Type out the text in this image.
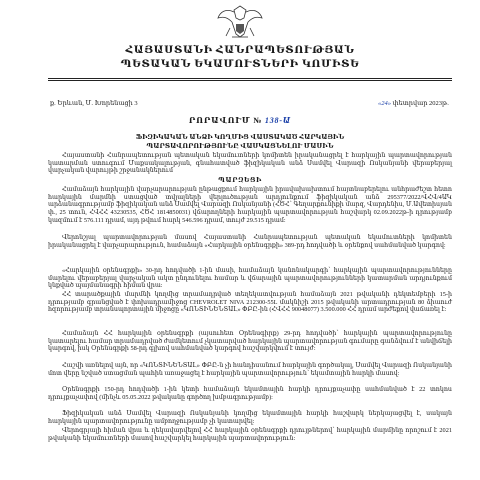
ՀԱՅԱՍՏԱՆԻ ՀԱՆՐԱՊԵՏՈՒԹՅԱՆ
ՊԵՏԱԿԱՆ ԵԿԱՄՈՒՏՆԵՐԻ ԿՈՄԻՏԵ
ք. Երևան, Մ. Խորենացի 3	«24» փետրվար 2023թ.
ՐՈՐԱՎՈՒՄ № 138-Ա
ՖԻԶԻԿԱԿԱՆ ԱՆՁԻ ԿՈՂՄԻՑ ՎԱՍՏԱԿԱԾ ՀԱՐԿԱՅԻՆ
ՊԱՐՏԱՎՈՐՈՒԹՅՈՒՆԸ ՎԱՍԿԱՑՆԵԼՈՒ ՄԱՍԻՆ
Հայաստանի Հանրապետության պետական եկամուտների կոմիտեն իրականացրել է հարկային պարտավորության կատարման ստուգում Մաքսակալության, գնահատված ֆիզիկական անձ Սամվել Վարազի Ոսկանյանի վերաբերյալ վարչական վարույթի շրջանակներում
ՊԱՐԶԵՑԻ
Համաձայն հարկային վարչարարության ընթացքում հարկային իրավախախտում հայտնաբերելու անհրաժեշտ հետո հարկային մարմնի ստացված տվյալների վերլուծության արդյունքում ֆիզիկական անձ 295377/2022/ՎՀՎ/4ԱԿ արձանագրությամբ ֆիզիկական անձ Սամվել Վարազի Ոսկանյանի (ՀԾՀ՝ Գեղարքունիքի մարզ, Վարդենիս, Մ.Ավետիսյան փ., 25 տուն, ՀՎՀՀ 43230535, ՀԾՀ 1814850031) վճարողների հարկային պարտավորության հաշվարկ 02.09.2022թ-ի դրությամբ կազմում է 576.111 դրամ, այդ թվում հարկ 546.596 դրամ, տույժ 29.515 դրամ:
Վերոնշյալ պարտավորության մասով Հայաստանի Հանրապետության պետական եկամուտների կոմիտեն իրականացրել է վարչարարություն, համաձայն «Հարկային օրենսգրքի» 389-րդ հոդվածի և օրենքով սահմանված կարգով:
«Հարկային օրենսգրքի» 30-րդ հոդվածի 1-ին մասի, համաձայն կանոնակարգի՝ հարկային պարտավորությունները մարելու վերաբերյալ վարչական ակտ ընդունելու համար և վճարային պարտավորությունների կատարման արդյունքում կնքված պայմանագրի հիման վրա:
ՀՀ տարածքային մարմնի կողմից տրամադրված տեղեկատվության համաձայն 2021 թվականի դեկտեմբերի 15-ի դրությամբ գրանցված է փոխադրամիջոց CHEVROLET NIVA 212300-55L մակնիշի 2015 թվականի արտադրության 80 ձիաուժ հզորությամբ տրանսպորտային միջոցը «ԿՈՆՏԻՆԵՆՏԱԼ» ՓԲԸ-ին (ՀՎՀՀ 90048077) 3.500.000 ՀՀ դրամ արժեքով վաճառել է:
Համաձայն ՀՀ հարկային օրենսգրքի (այսուհետ Օրենսգիրք) 29-րդ հոդվածի՝ հարկային պարտավորությունը կատարելու համար տրամադրված ժամկետում չկատարված հարկային պարտավորության գումարը գանձվում է անվիճելի կարգով, իսկ Օրենսգրքի 58-րդ գլխով սահմանված կարգով հաշվարկվում է տույժ:
Հաշվի առնելով այն, որ «ԿՈՆՏԻՆԵՆՏԱԼ» ՓԲԸ-ն չի հանդիսանում հարկային գործակալ, Սամվել Վարազի Ոսկանյանի մոտ վերը նշված ստացման պահին առաջացել է հարկային պարտավորություն՝ եկամտային հարկի մասով:
Օրենսգրքի 150-րդ հոդվածի 1-ին կետի համաձայն եկամտային հարկի դրույքաչափը սահմանված է 22 տոկոս դրույքաչափով (մինչև 05.05.2022 թվականը գործող խմբագրությամբ):
Ֆիզիկական անձ Սամվել Վարազի Ոսկանյանի կողմից եկամտային հարկի հաշվարկ ներկայացվել է, սակայն հարկային պարտավորությունը ամբողջությամբ չի կատարվել:
Վերոգրյալի հիման վրա և ղեկավարվելով ՀՀ հարկային օրենսգրքի դրույթներով՝ հարկային մարմինը որոշում է 2021 թվականի եկամուտների մասով հաշվարկել հարկային պարտավորություն:
